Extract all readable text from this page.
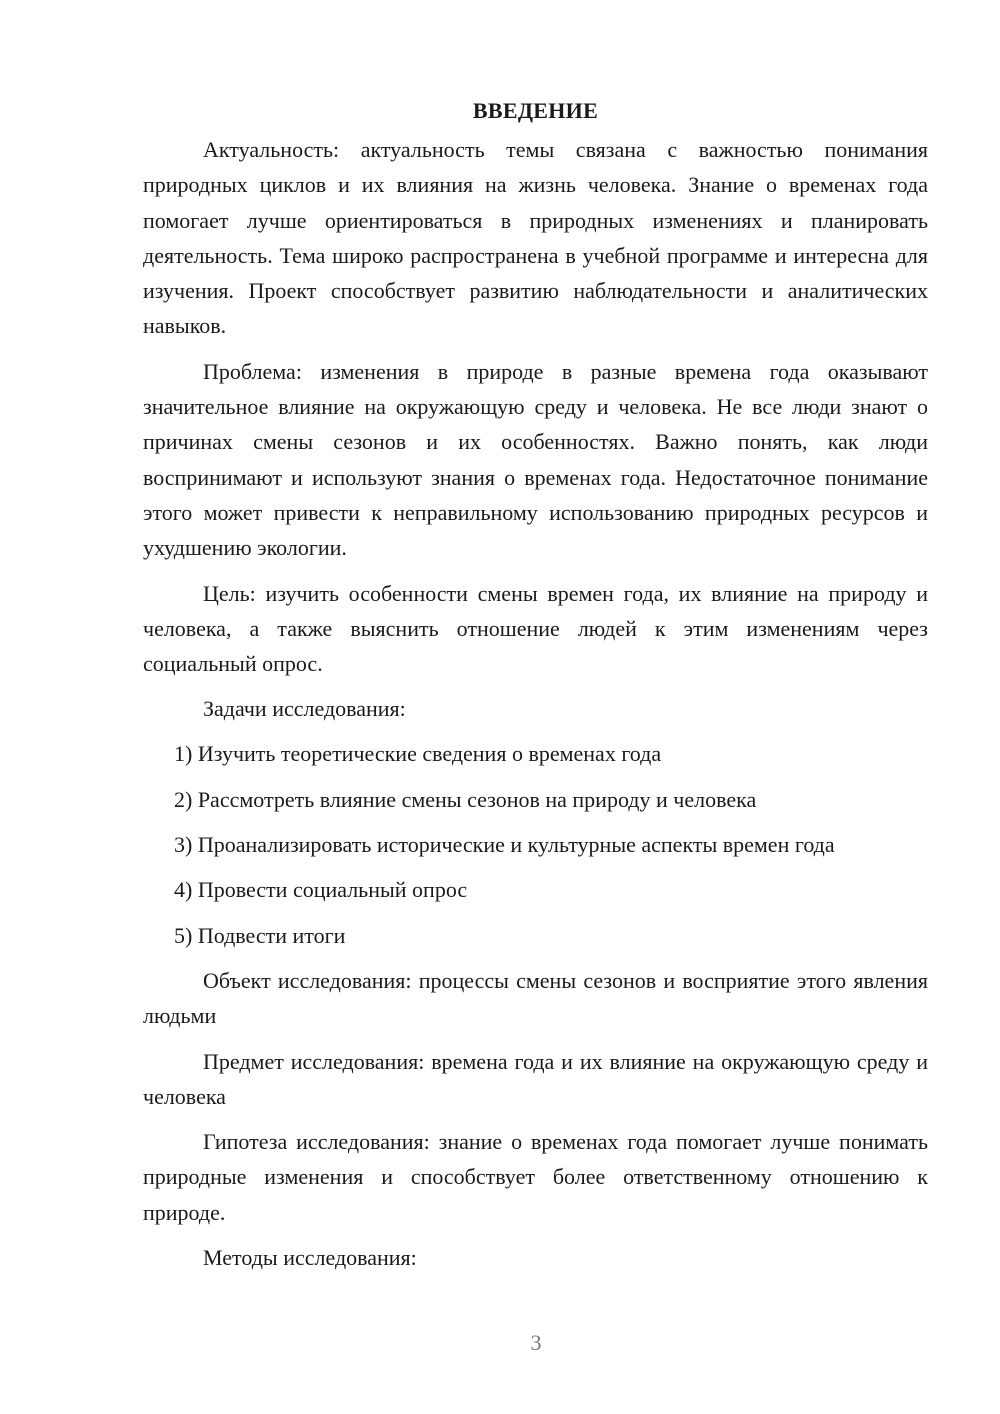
ВВЕДЕНИЕ

Актуальность: актуальность темы связана с важностью понимания природных циклов и их влияния на жизнь человека. Знание о временах года помогает лучше ориентироваться в природных изменениях и планировать деятельность. Тема широко распространена в учебной программе и интересна для изучения. Проект способствует развитию наблюдательности и аналитических навыков.

Проблема: изменения в природе в разные времена года оказывают значительное влияние на окружающую среду и человека. Не все люди знают о причинах смены сезонов и их особенностях. Важно понять, как люди воспринимают и используют знания о временах года. Недостаточное понимание этого может привести к неправильному использованию природных ресурсов и ухудшению экологии.

Цель: изучить особенности смены времен года, их влияние на природу и человека, а также выяснить отношение людей к этим изменениям через социальный опрос.

Задачи исследования:

1) Изучить теоретические сведения о временах года
2) Рассмотреть влияние смены сезонов на природу и человека
3) Проанализировать исторические и культурные аспекты времен года
4) Провести социальный опрос
5) Подвести итоги

Объект исследования: процессы смены сезонов и восприятие этого явления людьми

Предмет исследования: времена года и их влияние на окружающую среду и человека

Гипотеза исследования: знание о временах года помогает лучше понимать природные изменения и способствует более ответственному отношению к природе.

Методы исследования:

3
